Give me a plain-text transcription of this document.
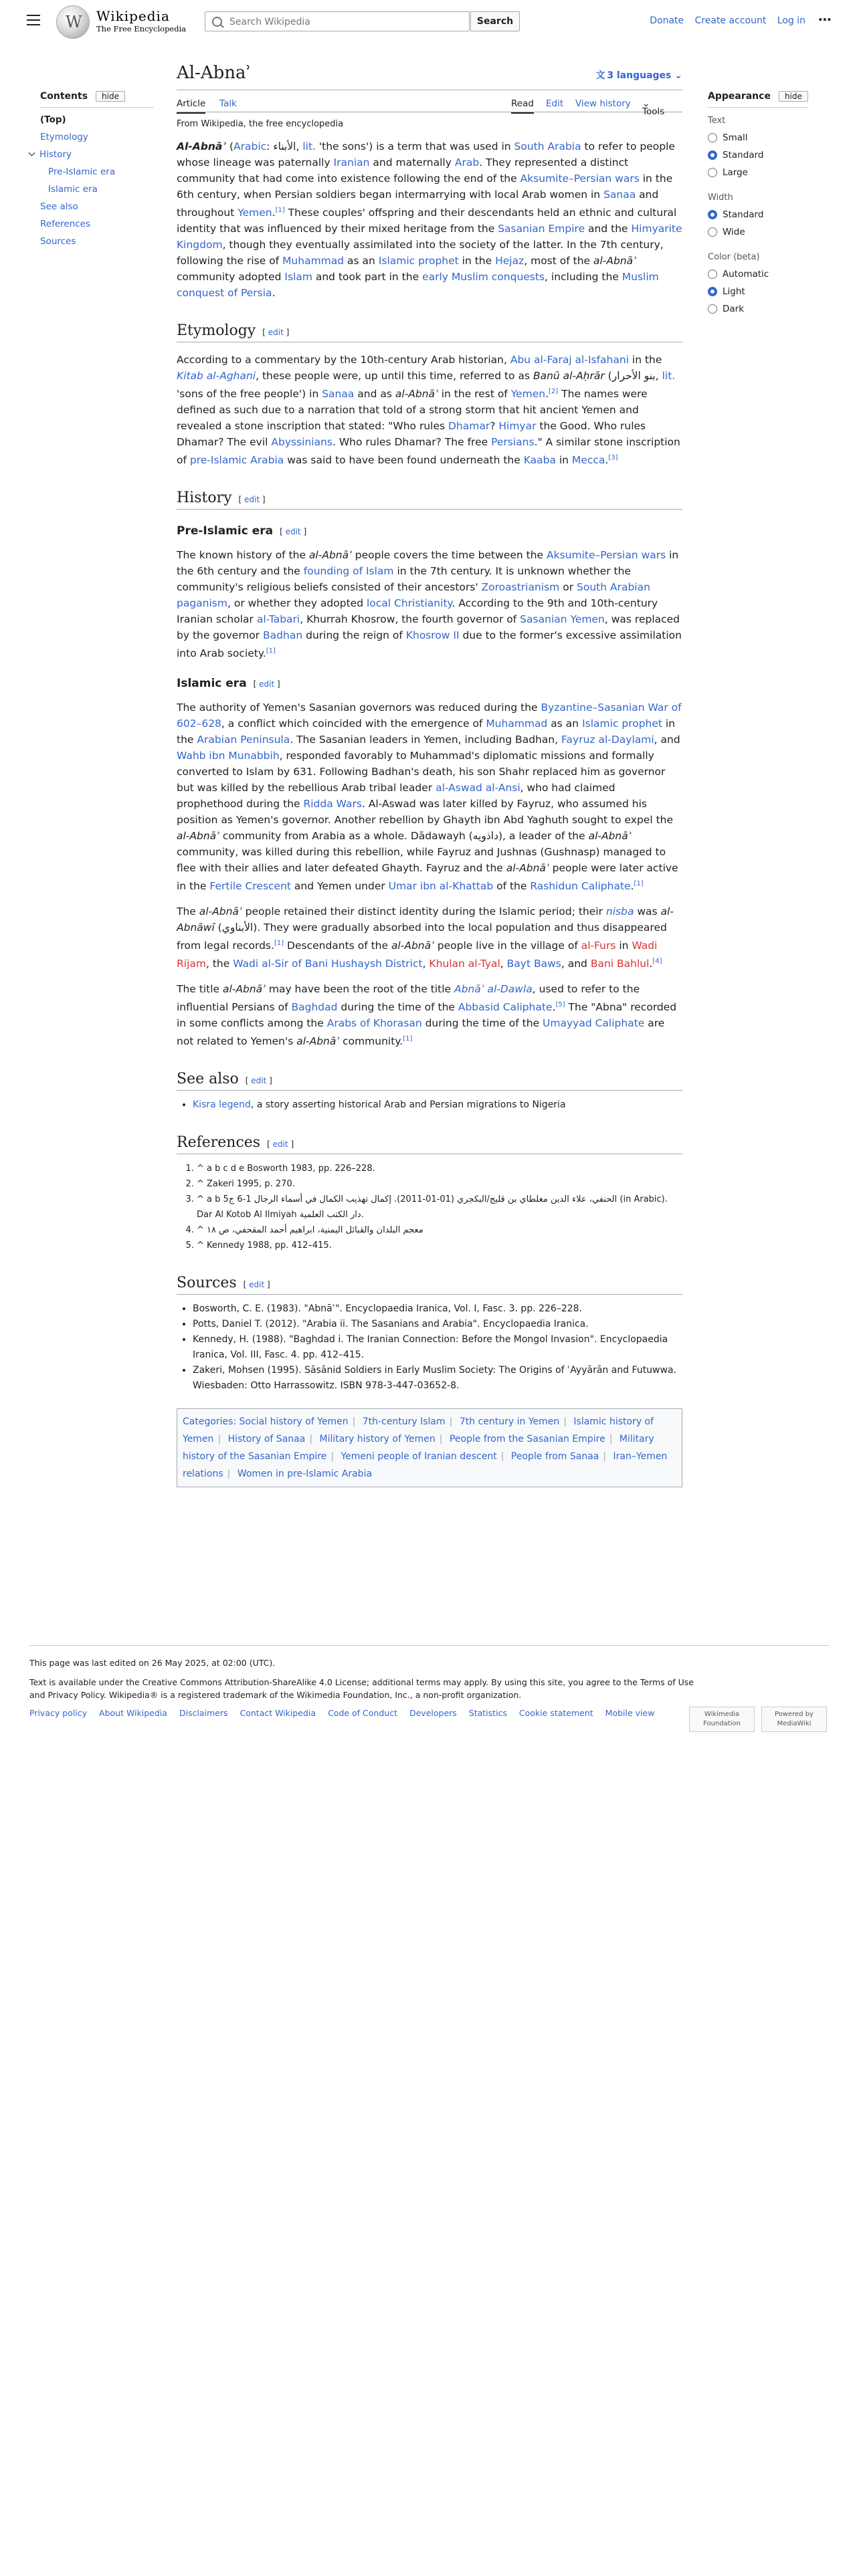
W
Wikipedia
The Free Encyclopedia
Search Wikipedia	Search	Donate Create account Log in ⋯
Contents hide
(Top)
Etymology
History
Pre-Islamic era
Islamic era
See also
References
Sources
Appearance hide
Text
Small
Standard
Large
Width
Standard
Wide
Color (beta)
Automatic
Light
Dark
Al-Abnaʾ	文 3 languages ⌄
Article Talk	Read Edit View history
Tools
⌄
From Wikipedia, the free encyclopedia

Al-Abnāʾ (Arabic: الأبناء, lit. 'the sons') is a term that was used in South Arabia to refer to people whose lineage was paternally Iranian and maternally Arab. They represented a distinct community that had come into existence following the end of the Aksumite–Persian wars in the 6th century, when Persian soldiers began intermarrying with local Arab women in Sanaa and throughout Yemen.[1] These couples' offspring and their descendants held an ethnic and cultural identity that was influenced by their mixed heritage from the Sasanian Empire and the Himyarite Kingdom, though they eventually assimilated into the society of the latter. In the 7th century, following the rise of Muhammad as an Islamic prophet in the Hejaz, most of the al-Abnāʾ community adopted Islam and took part in the early Muslim conquests, including the Muslim conquest of Persia.

Etymology [ edit ]

According to a commentary by the 10th-century Arab historian, Abu al-Faraj al-Isfahani in the Kitab al-Aghani, these people were, up until this time, referred to as Banū al-Aḥrār (بنو الأحرار, lit. 'sons of the free people') in Sanaa and as al-Abnāʾ in the rest of Yemen.[2] The names were defined as such due to a narration that told of a strong storm that hit ancient Yemen and revealed a stone inscription that stated: "Who rules Dhamar? Himyar the Good. Who rules Dhamar? The evil Abyssinians. Who rules Dhamar? The free Persians." A similar stone inscription of pre-Islamic Arabia was said to have been found underneath the Kaaba in Mecca.[3]

History [ edit ]
Pre-Islamic era [ edit ]

The known history of the al-Abnāʾ people covers the time between the Aksumite–Persian wars in the 6th century and the founding of Islam in the 7th century. It is unknown whether the community's religious beliefs consisted of their ancestors' Zoroastrianism or South Arabian paganism, or whether they adopted local Christianity. According to the 9th and 10th-century Iranian scholar al-Tabari, Khurrah Khosrow, the fourth governor of Sasanian Yemen, was replaced by the governor Badhan during the reign of Khosrow II due to the former's excessive assimilation into Arab society.[1]

Islamic era [ edit ]

The authority of Yemen's Sasanian governors was reduced during the Byzantine–Sasanian War of 602–628, a conflict which coincided with the emergence of Muhammad as an Islamic prophet in the Arabian Peninsula. The Sasanian leaders in Yemen, including Badhan, Fayruz al-Daylami, and Wahb ibn Munabbih, responded favorably to Muhammad's diplomatic missions and formally converted to Islam by 631. Following Badhan's death, his son Shahr replaced him as governor but was killed by the rebellious Arab tribal leader al-Aswad al-Ansi, who had claimed prophethood during the Ridda Wars. Al-Aswad was later killed by Fayruz, who assumed his position as Yemen's governor. Another rebellion by Ghayth ibn Abd Yaghuth sought to expel the al-Abnāʾ community from Arabia as a whole. Dādawayh (داذويه), a leader of the al-Abnāʾ community, was killed during this rebellion, while Fayruz and Jushnas (Gushnasp) managed to flee with their allies and later defeated Ghayth. Fayruz and the al-Abnāʾ people were later active in the Fertile Crescent and Yemen under Umar ibn al-Khattab of the Rashidun Caliphate.[1]

The al-Abnāʾ people retained their distinct identity during the Islamic period; their nisba was al-Abnāwī (الأبناوي). They were gradually absorbed into the local population and thus disappeared from legal records.[1] Descendants of the al-Abnāʾ people live in the village of al-Furs in Wadi Rijam, the Wadi al-Sir of Bani Hushaysh District, Khulan al-Tyal, Bayt Baws, and Bani Bahlul.[4]

The title al-Abnāʾ may have been the root of the title Abnāʾ al-Dawla, used to refer to the influential Persians of Baghdad during the time of the Abbasid Caliphate.[5] The "Abna" recorded in some conflicts among the Arabs of Khorasan during the time of the Umayyad Caliphate are not related to Yemen's al-Abnāʾ community.[1]

See also [ edit ]
• Kisra legend, a story asserting historical Arab and Persian migrations to Nigeria
References [ edit ]
1. ^ a b c d e Bosworth 1983, pp. 226–228.
2. ^ Zakeri 1995, p. 270.
3. ^ a b الحنفي، علاء الدين مغلطاي بن قليج/البكجري (01-01-2011). إكمال تهذيب الكمال في أسماء الرجال 1-6 ج5 (in Arabic). Dar Al Kotob Al Ilmiyah دار الكتب العلمية.
4. ^ معجم البلدان والقبائل اليمنية، ابراهيم أحمد المقحفي، ص ١٨
5. ^ Kennedy 1988, pp. 412–415.
Sources [ edit ]
• Bosworth, C. E. (1983). "Abnāʾ". Encyclopaedia Iranica, Vol. I, Fasc. 3. pp. 226–228.
• Potts, Daniel T. (2012). "Arabia ii. The Sasanians and Arabia". Encyclopaedia Iranica.
• Kennedy, H. (1988). "Baghdad i. The Iranian Connection: Before the Mongol Invasion". Encyclopaedia Iranica, Vol. III, Fasc. 4. pp. 412–415.
• Zakeri, Mohsen (1995). Sāsānid Soldiers in Early Muslim Society: The Origins of ʿAyyārān and Futuwwa. Wiesbaden: Otto Harrassowitz. ISBN 978-3-447-03652-8.
Categories: Social history of Yemen | 7th-century Islam | 7th century in Yemen | Islamic history of Yemen | History of Sanaa | Military history of Yemen | People from the Sasanian Empire | Military history of the Sasanian Empire | Yemeni people of Iranian descent | People from Sanaa | Iran–Yemen relations | Women in pre-Islamic Arabia

This page was last edited on 26 May 2025, at 02:00 (UTC).

Text is available under the Creative Commons Attribution-ShareAlike 4.0 License; additional terms may apply. By using this site, you agree to the Terms of Use and Privacy Policy. Wikipedia® is a registered trademark of the Wikimedia Foundation, Inc., a non-profit organization.

Privacy policy About Wikipedia Disclaimers Contact Wikipedia Code of Conduct Developers Statistics Cookie statement Mobile view	Wikimedia Foundation
Powered by MediaWiki
